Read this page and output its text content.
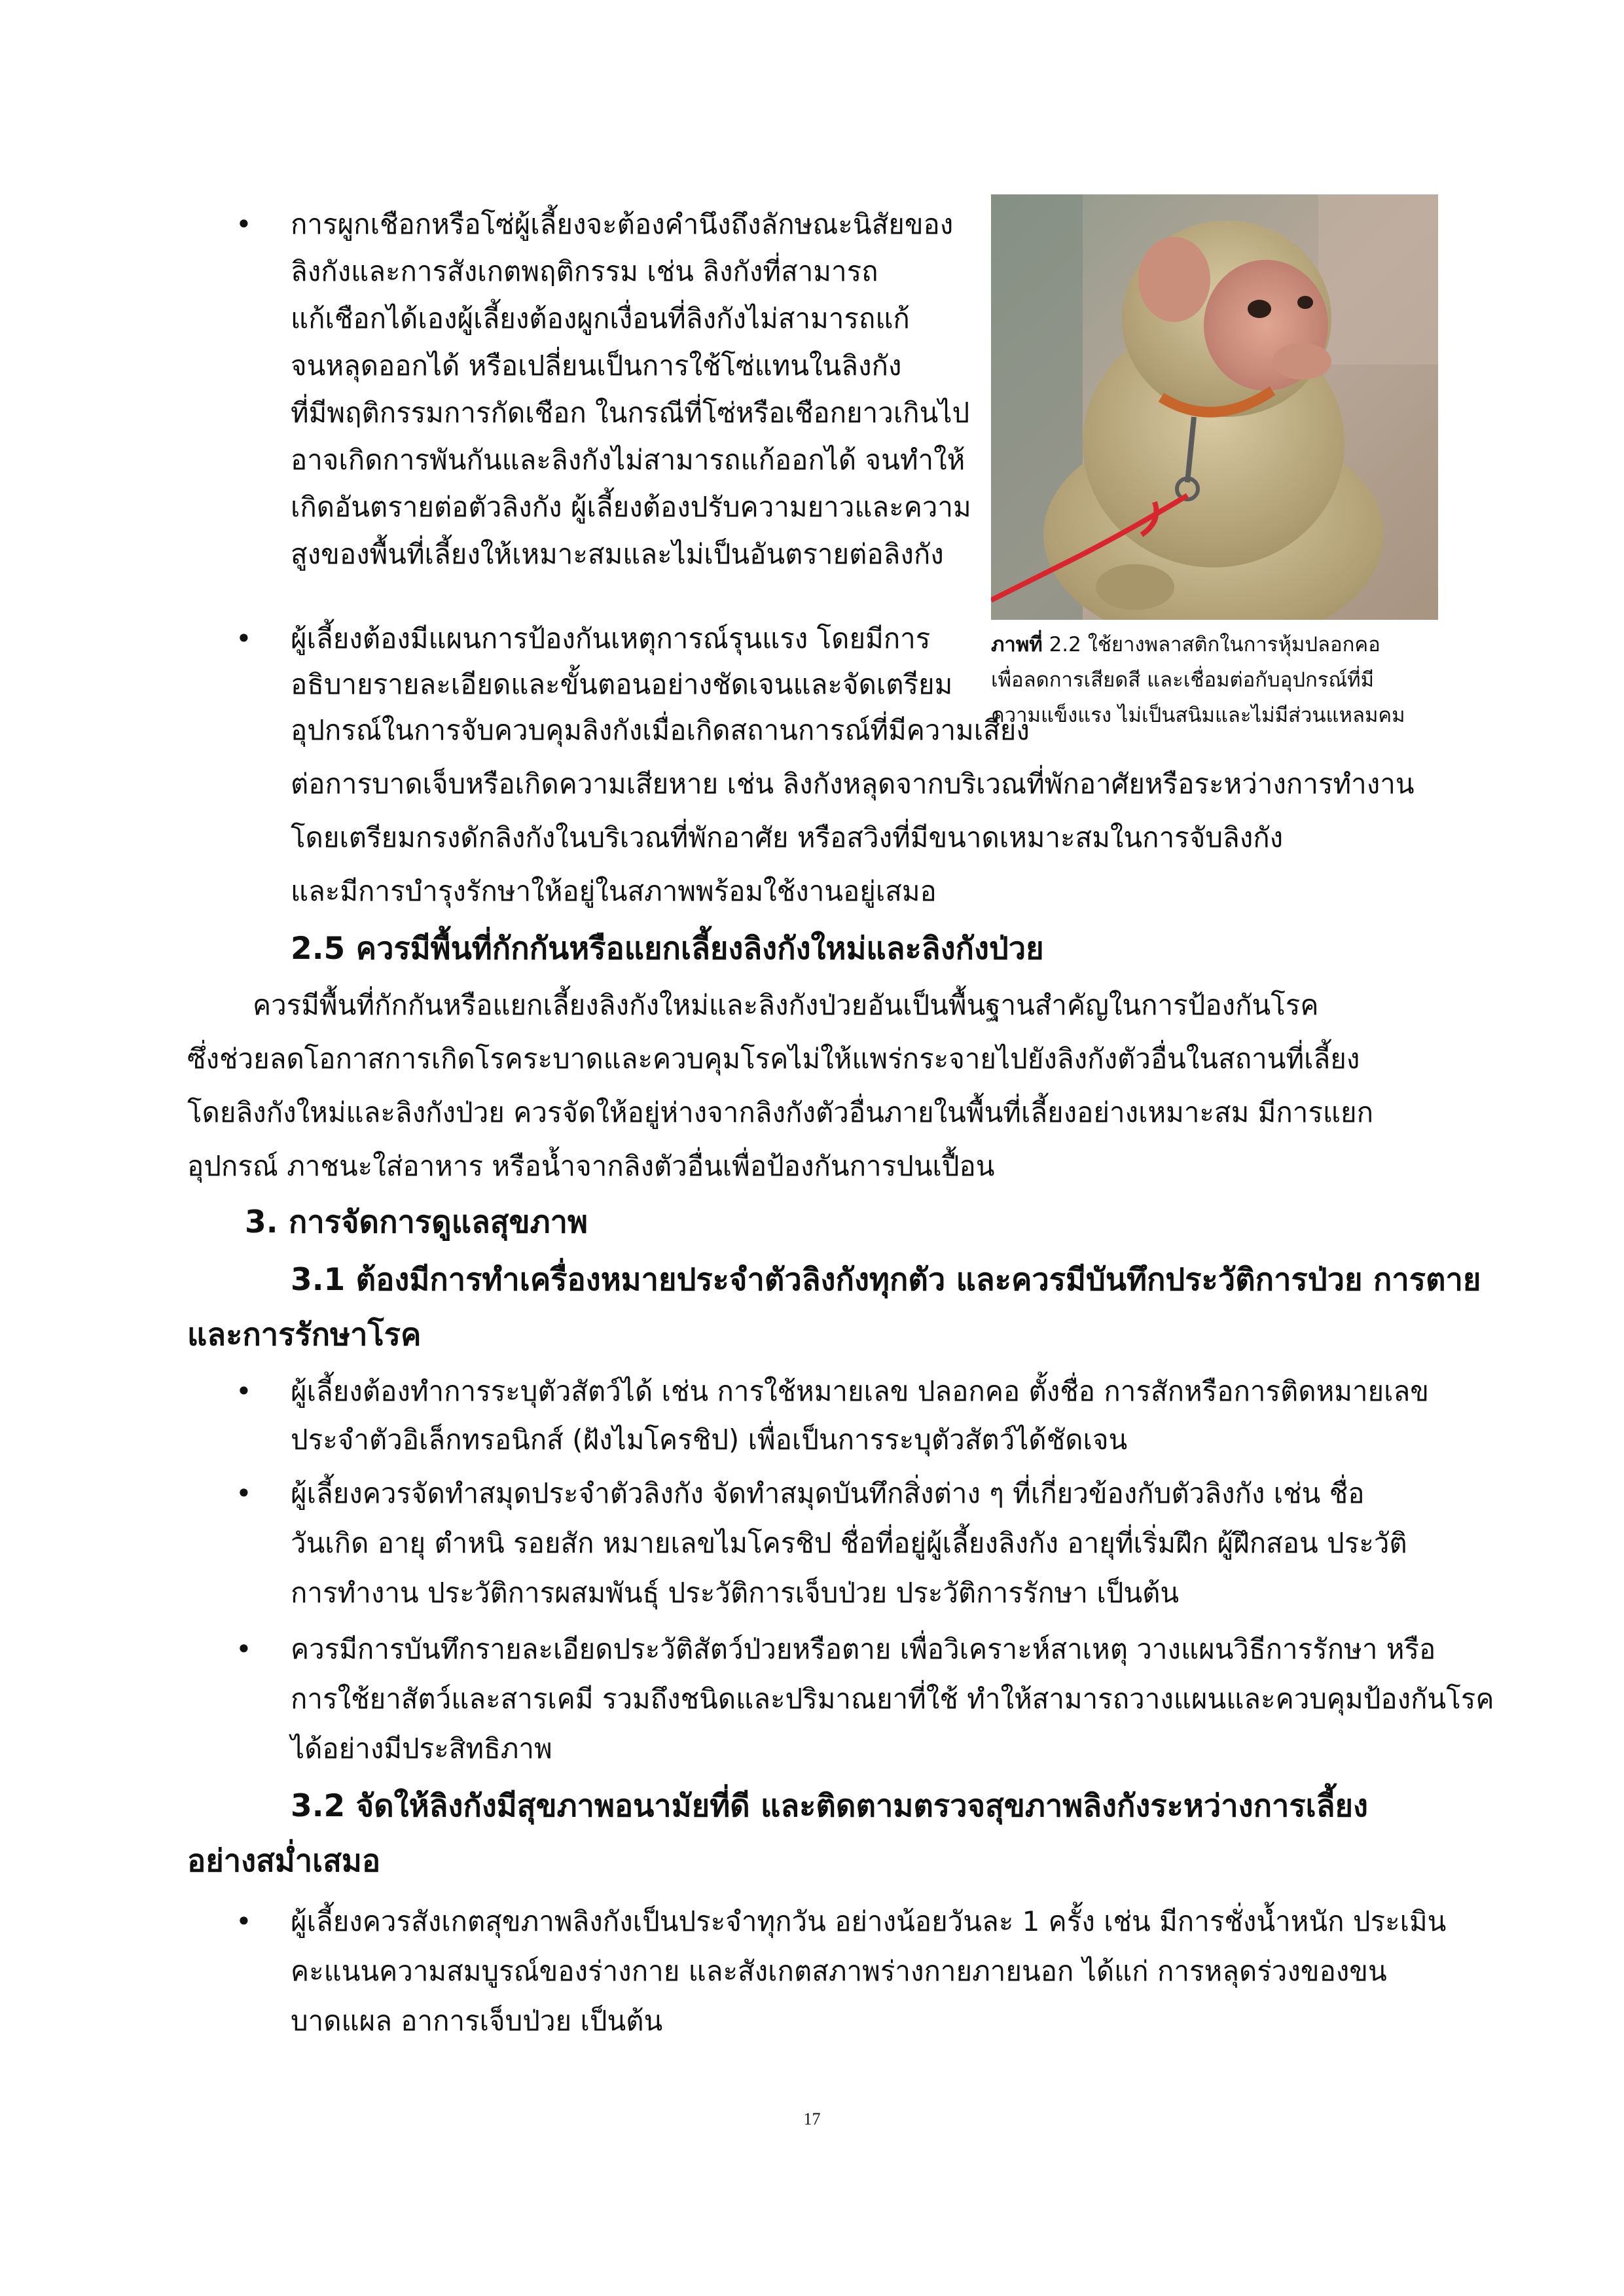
ภาพที่ 2.2 ใช้ยางพลาสติกในการหุ้มปลอกคอ
เพื่อลดการเสียดสี และเชื่อมต่อกับอุปกรณ์ที่มี
ความแข็งแรง ไม่เป็นสนิมและไม่มีส่วนแหลมคม
• การผูกเชือกหรือโซ่ผู้เลี้ยงจะต้องคำนึงถึงลักษณะนิสัยของ
ลิงกังและการสังเกตพฤติกรรม เช่น ลิงกังที่สามารถ
แก้เชือกได้เองผู้เลี้ยงต้องผูกเงื่อนที่ลิงกังไม่สามารถแก้
จนหลุดออกได้ หรือเปลี่ยนเป็นการใช้โซ่แทนในลิงกัง
ที่มีพฤติกรรมการกัดเชือก ในกรณีที่โซ่หรือเชือกยาวเกินไป
อาจเกิดการพันกันและลิงกังไม่สามารถแก้ออกได้ จนทำให้
เกิดอันตรายต่อตัวลิงกัง ผู้เลี้ยงต้องปรับความยาวและความ
สูงของพื้นที่เลี้ยงให้เหมาะสมและไม่เป็นอันตรายต่อลิงกัง
• ผู้เลี้ยงต้องมีแผนการป้องกันเหตุการณ์รุนแรง โดยมีการ
อธิบายรายละเอียดและขั้นตอนอย่างชัดเจนและจัดเตรียม
อุปกรณ์ในการจับควบคุมลิงกังเมื่อเกิดสถานการณ์ที่มีความเสี่ยง
ต่อการบาดเจ็บหรือเกิดความเสียหาย เช่น ลิงกังหลุดจากบริเวณที่พักอาศัยหรือระหว่างการทำงาน
โดยเตรียมกรงดักลิงกังในบริเวณที่พักอาศัย หรือสวิงที่มีขนาดเหมาะสมในการจับลิงกัง
และมีการบำรุงรักษาให้อยู่ในสภาพพร้อมใช้งานอยู่เสมอ
2.5 ควรมีพื้นที่กักกันหรือแยกเลี้ยงลิงกังใหม่และลิงกังป่วย
ควรมีพื้นที่กักกันหรือแยกเลี้ยงลิงกังใหม่และลิงกังป่วยอันเป็นพื้นฐานสำคัญในการป้องกันโรค
ซึ่งช่วยลดโอกาสการเกิดโรคระบาดและควบคุมโรคไม่ให้แพร่กระจายไปยังลิงกังตัวอื่นในสถานที่เลี้ยง
โดยลิงกังใหม่และลิงกังป่วย ควรจัดให้อยู่ห่างจากลิงกังตัวอื่นภายในพื้นที่เลี้ยงอย่างเหมาะสม มีการแยก
อุปกรณ์ ภาชนะใส่อาหาร หรือน้ำจากลิงตัวอื่นเพื่อป้องกันการปนเปื้อน
3. การจัดการดูแลสุขภาพ
3.1 ต้องมีการทำเครื่องหมายประจำตัวลิงกังทุกตัว และควรมีบันทึกประวัติการป่วย การตาย
และการรักษาโรค
• ผู้เลี้ยงต้องทำการระบุตัวสัตว์ได้ เช่น การใช้หมายเลข ปลอกคอ ตั้งชื่อ การสักหรือการติดหมายเลข
ประจำตัวอิเล็กทรอนิกส์ (ฝังไมโครชิป) เพื่อเป็นการระบุตัวสัตว์ได้ชัดเจน
• ผู้เลี้ยงควรจัดทำสมุดประจำตัวลิงกัง จัดทำสมุดบันทึกสิ่งต่าง ๆ ที่เกี่ยวข้องกับตัวลิงกัง เช่น ชื่อ
วันเกิด อายุ ตำหนิ รอยสัก หมายเลขไมโครชิป ชื่อที่อยู่ผู้เลี้ยงลิงกัง อายุที่เริ่มฝึก ผู้ฝึกสอน ประวัติ
การทำงาน ประวัติการผสมพันธุ์ ประวัติการเจ็บป่วย ประวัติการรักษา เป็นต้น
• ควรมีการบันทึกรายละเอียดประวัติสัตว์ป่วยหรือตาย เพื่อวิเคราะห์สาเหตุ วางแผนวิธีการรักษา หรือ
การใช้ยาสัตว์และสารเคมี รวมถึงชนิดและปริมาณยาที่ใช้ ทำให้สามารถวางแผนและควบคุมป้องกันโรค
ได้อย่างมีประสิทธิภาพ
3.2 จัดให้ลิงกังมีสุขภาพอนามัยที่ดี และติดตามตรวจสุขภาพลิงกังระหว่างการเลี้ยง
อย่างสม่ำเสมอ
• ผู้เลี้ยงควรสังเกตสุขภาพลิงกังเป็นประจำทุกวัน อย่างน้อยวันละ 1 ครั้ง เช่น มีการชั่งน้ำหนัก ประเมิน
คะแนนความสมบูรณ์ของร่างกาย และสังเกตสภาพร่างกายภายนอก ได้แก่ การหลุดร่วงของขน
บาดแผล อาการเจ็บป่วย เป็นต้น
17
